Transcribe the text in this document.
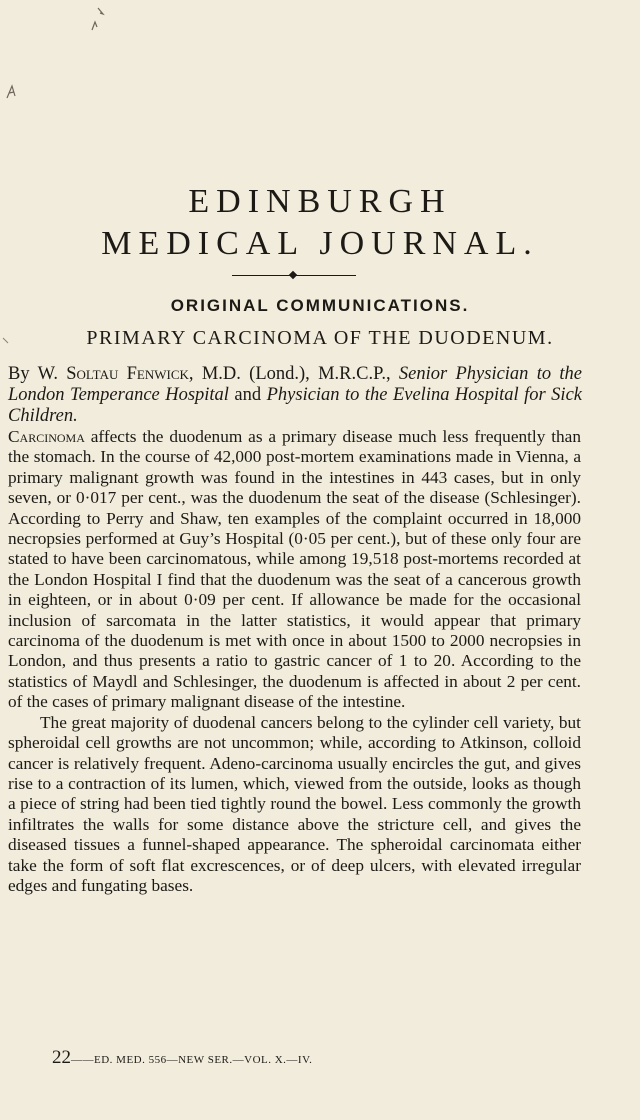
EDINBURGH
MEDICAL JOURNAL.
ORIGINAL COMMUNICATIONS.
PRIMARY CARCINOMA OF THE DUODENUM.
By W. Soltau Fenwick, M.D. (Lond.), M.R.C.P., Senior Physician to the London Temperance Hospital and Physician to the Evelina Hospital for Sick Children.

Carcinoma affects the duodenum as a primary disease much less frequently than the stomach. In the course of 42,000 post-mortem examinations made in Vienna, a primary malignant growth was found in the intestines in 443 cases, but in only seven, or 0·017 per cent., was the duodenum the seat of the disease (Schlesinger). According to Perry and Shaw, ten examples of the complaint occurred in 18,000 necropsies performed at Guy’s Hospital (0·05 per cent.), but of these only four are stated to have been carcinomatous, while among 19,518 post-mortems recorded at the London Hospital I find that the duodenum was the seat of a cancerous growth in eighteen, or in about 0·09 per cent. If allowance be made for the occasional inclusion of sarcomata in the latter statistics, it would appear that primary carcinoma of the duodenum is met with once in about 1500 to 2000 necropsies in London, and thus presents a ratio to gastric cancer of 1 to 20. According to the statistics of Maydl and Schlesinger, the duodenum is affected in about 2 per cent. of the cases of primary malignant disease of the intestine.

The great majority of duodenal cancers belong to the cylinder cell variety, but spheroidal cell growths are not uncommon; while, according to Atkinson, colloid cancer is relatively frequent. Adeno-carcinoma usually encircles the gut, and gives rise to a contraction of its lumen, which, viewed from the outside, looks as though a piece of string had been tied tightly round the bowel. Less commonly the growth infiltrates the walls for some distance above the stricture cell, and gives the diseased tissues a funnel-shaped appearance. The spheroidal carcinomata either take the form of soft flat excrescences, or of deep ulcers, with elevated irregular edges and fungating bases.

22——ED. MED. 556—NEW SER.—VOL. X.—IV.
